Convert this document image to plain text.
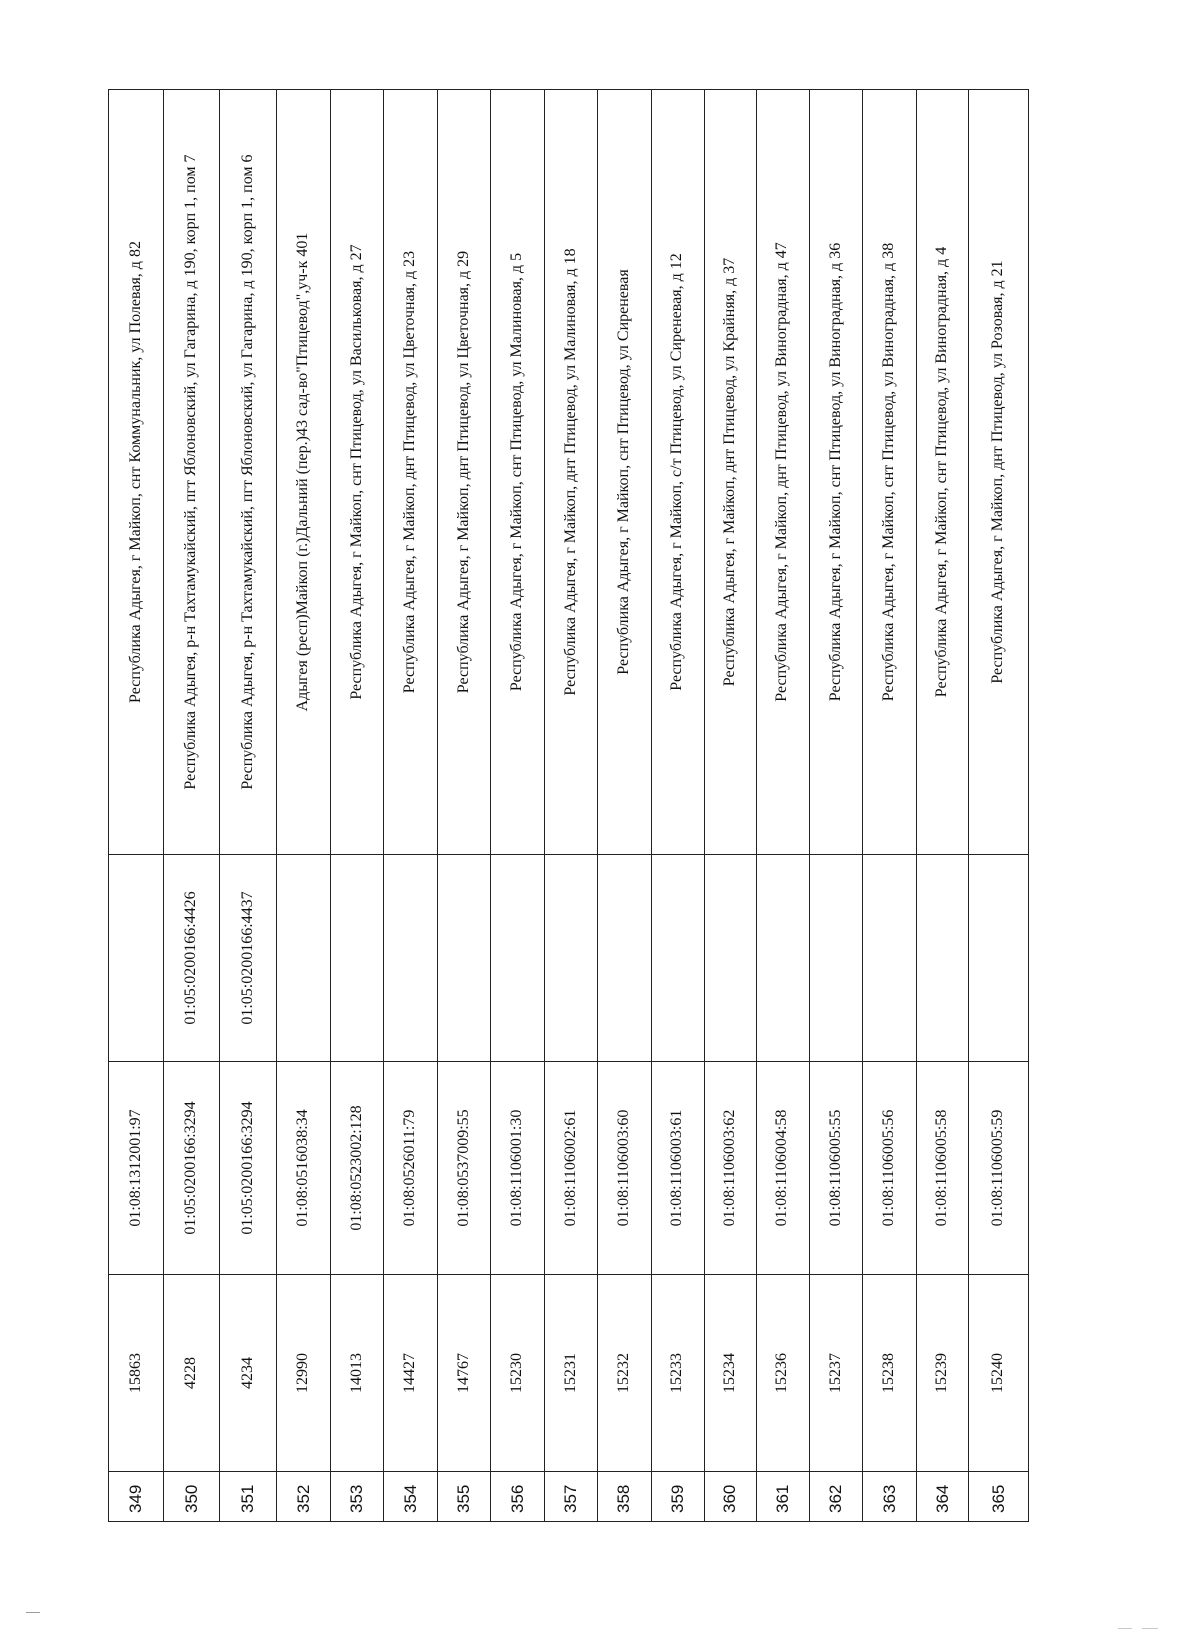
349	15863	01:08:1312001:97		Республика Адыгея, г Майкоп, снт Коммунальник, ул Полевая, д 82
350	4228	01:05:0200166:3294	01:05:0200166:4426	Республика Адыгея, р-н Тахтамукайский, пгт Яблоновский, ул Гагарина, д 190, корп 1, пом 7
351	4234	01:05:0200166:3294	01:05:0200166:4437	Республика Адыгея, р-н Тахтамукайский, пгт Яблоновский, ул Гагарина, д 190, корп 1, пом 6
352	12990	01:08:0516038:34		Адыгея (респ)Майкоп (г.)Дальний (пер.)43 сад-во"Птицевод",уч-к 401
353	14013	01:08:0523002:128		Республика Адыгея, г Майкоп, снт Птицевод, ул Васильковая, д 27
354	14427	01:08:0526011:79		Республика Адыгея, г Майкоп, днт Птицевод, ул Цветочная, д 23
355	14767	01:08:0537009:55		Республика Адыгея, г Майкоп, днт Птицевод, ул Цветочная, д 29
356	15230	01:08:1106001:30		Республика Адыгея, г Майкоп, снт Птицевод, ул Малиновая, д 5
357	15231	01:08:1106002:61		Республика Адыгея, г Майкоп, днт Птицевод, ул Малиновая, д 18
358	15232	01:08:1106003:60		Республика Адыгея, г Майкоп, снт Птицевод, ул Сиреневая
359	15233	01:08:1106003:61		Республика Адыгея, г Майкоп, с/т Птицевод, ул Сиреневая, д 12
360	15234	01:08:1106003:62		Республика Адыгея, г Майкоп, днт Птицевод, ул Крайняя, д 37
361	15236	01:08:1106004:58		Республика Адыгея, г Майкоп, днт Птицевод, ул Виноградная, д 47
362	15237	01:08:1106005:55		Республика Адыгея, г Майкоп, снт Птицевод, ул Виноградная, д 36
363	15238	01:08:1106005:56		Республика Адыгея, г Майкоп, снт Птицевод, ул Виноградная, д 38
364	15239	01:08:1106005:58		Республика Адыгея, г Майкоп, снт Птицевод, ул Виноградная, д 4
365	15240	01:08:1106005:59		Республика Адыгея, г Майкоп, днт Птицевод, ул Розовая, д 21
